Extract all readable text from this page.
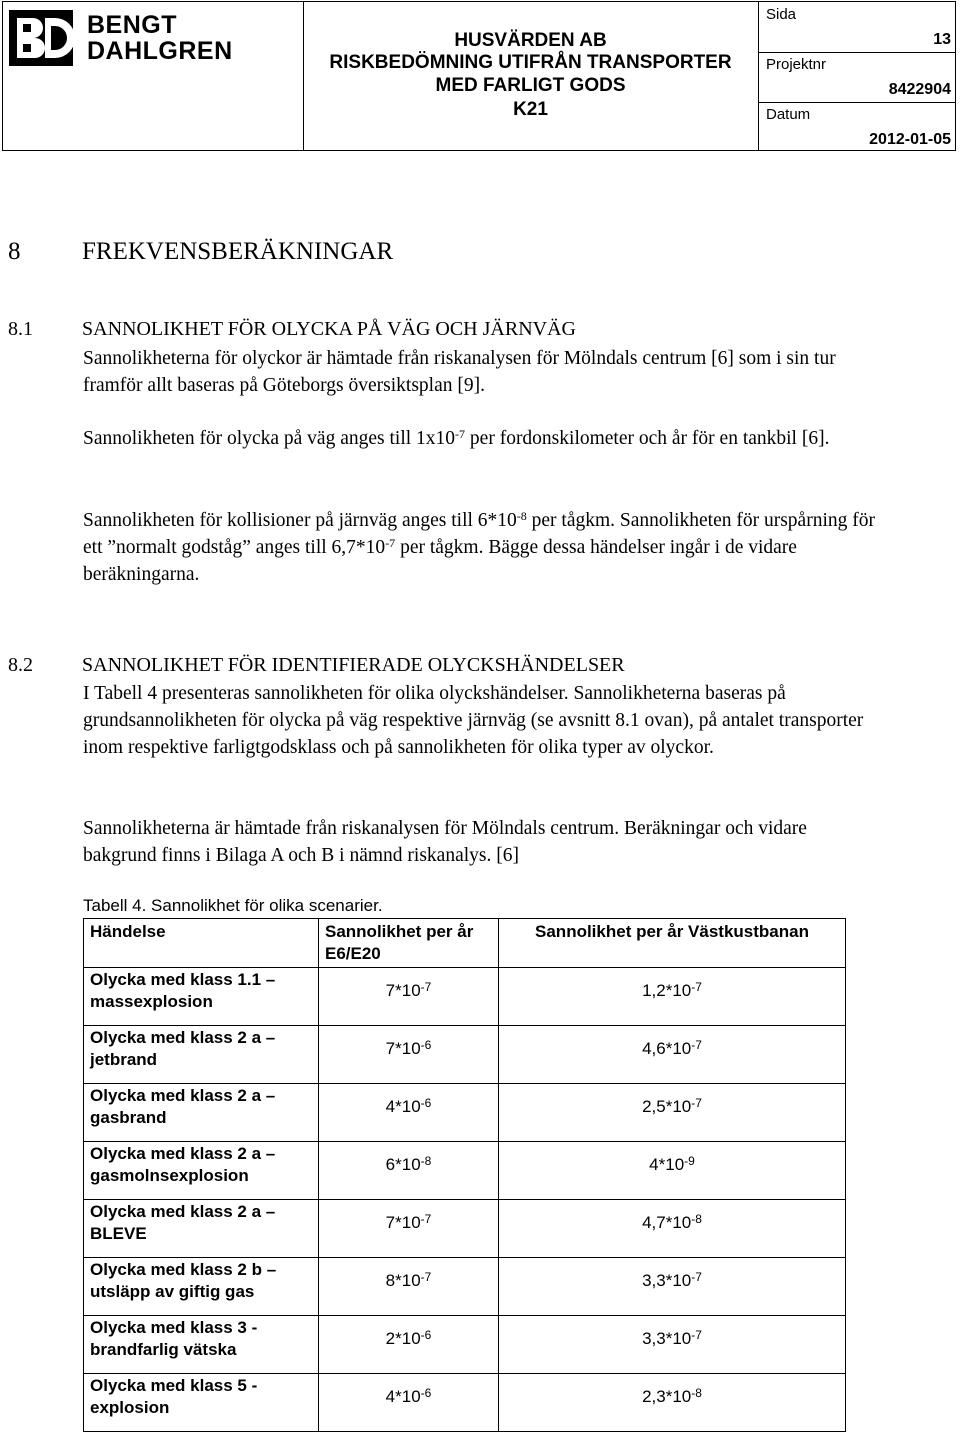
BENGT
DAHLGREN	HUSVÄRDEN AB
RISKBEDÖMNING UTIFRÅN TRANSPORTER
MED FARLIGT GODS
K21
Sida
13
Projektnr
8422904
Datum
2012-01-05
8 FREKVENSBERÄKNINGAR
8.1 SANNOLIKHET FÖR OLYCKA PÅ VÄG OCH JÄRNVÄG

Sannolikheterna för olyckor är hämtade från riskanalysen för Mölndals centrum [6] som i sin tur framför allt baseras på Göteborgs översiktsplan [9].

Sannolikheten för olycka på väg anges till $1x10^{-7}$ per fordonskilometer och år för en tankbil [6].

Sannolikheten för kollisioner på järnväg anges till $6*10^{-8}$ per tågkm. Sannolikheten för urspårning för ett ”normalt godståg” anges till $6,7*10^{-7}$ per tågkm. Bägge dessa händelser ingår i de vidare beräkningarna.

8.2 SANNOLIKHET FÖR IDENTIFIERADE OLYCKSHÄNDELSER

I Tabell 4 presenteras sannolikheten för olika olyckshändelser. Sannolikheterna baseras på grundsannolikheten för olycka på väg respektive järnväg (se avsnitt 8.1 ovan), på antalet transporter inom respektive farligtgodsklass och på sannolikheten för olika typer av olyckor.

Sannolikheterna är hämtade från riskanalysen för Mölndals centrum. Beräkningar och vidare bakgrund finns i Bilaga A och B i nämnd riskanalys. [6]

Tabell 4. Sannolikhet för olika scenarier.
Händelse	Sannolikhet per år E6/E20	Sannolikhet per år Västkustbanan
Olycka med klass 1.1 – massexplosion	$7*10^{-7}$	$1,2*10^{-7}$
Olycka med klass 2 a – jetbrand	$7*10^{-6}$	$4,6*10^{-7}$
Olycka med klass 2 a – gasbrand	$4*10^{-6}$	$2,5*10^{-7}$
Olycka med klass 2 a – gasmolnsexplosion	$6*10^{-8}$	$4*10^{-9}$
Olycka med klass 2 a – BLEVE	$7*10^{-7}$	$4,7*10^{-8}$
Olycka med klass 2 b – utsläpp av giftig gas	$8*10^{-7}$	$3,3*10^{-7}$
Olycka med klass 3 - brandfarlig vätska	$2*10^{-6}$	$3,3*10^{-7}$
Olycka med klass 5 - explosion	$4*10^{-6}$	$2,3*10^{-8}$
